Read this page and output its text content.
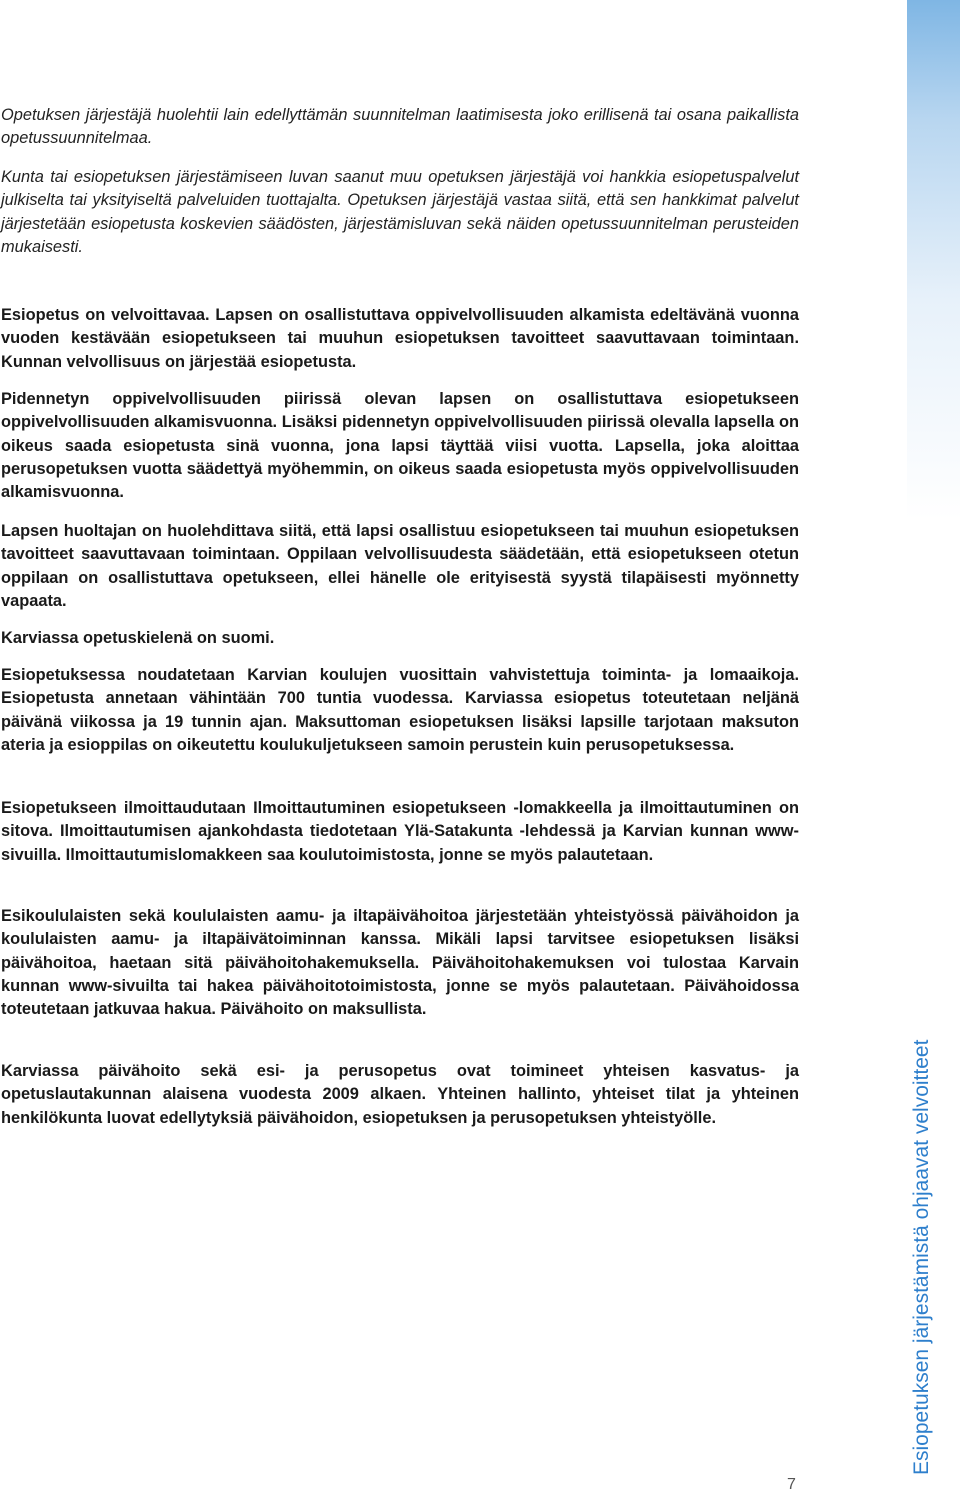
Opetuksen järjestäjä huolehtii lain edellyttämän suunnitelman laatimisesta joko erillisenä tai osana paikallista opetussuunnitelmaa.

Kunta tai esiopetuksen järjestämiseen luvan saanut muu opetuksen järjestäjä voi hankkia esiopetuspalvelut julkiselta tai yksityiseltä palveluiden tuottajalta. Opetuksen järjestäjä vastaa siitä, että sen hankkimat palvelut järjestetään esiopetusta koskevien säädösten, järjestämisluvan sekä näiden opetussuunnitelman perusteiden mukaisesti.

Esiopetus on velvoittavaa. Lapsen on osallistuttava oppivelvollisuuden alkamista edeltävänä vuonna vuoden kestävään esiopetukseen tai muuhun esiopetuksen tavoitteet saavuttavaan toimintaan. Kunnan velvollisuus on järjestää esiopetusta.

Pidennetyn oppivelvollisuuden piirissä olevan lapsen on osallistuttava esiopetukseen oppivelvollisuuden alkamisvuonna. Lisäksi pidennetyn oppivelvollisuuden piirissä olevalla lapsella on oikeus saada esiopetusta sinä vuonna, jona lapsi täyttää viisi vuotta. Lapsella, joka aloittaa perusopetuksen vuotta säädettyä myöhemmin, on oikeus saada esiopetusta myös oppivelvollisuuden alkamisvuonna.

Lapsen huoltajan on huolehdittava siitä, että lapsi osallistuu esiopetukseen tai muuhun esiopetuksen tavoitteet saavuttavaan toimintaan. Oppilaan velvollisuudesta säädetään, että esiopetukseen otetun oppilaan on osallistuttava opetukseen, ellei hänelle ole erityisestä syystä tilapäisesti myönnetty vapaata.

Karviassa opetuskielenä on suomi.

Esiopetuksessa noudatetaan Karvian koulujen vuosittain vahvistettuja toiminta- ja lomaaikoja. Esiopetusta annetaan vähintään 700 tuntia vuodessa. Karviassa esiopetus toteutetaan neljänä päivänä viikossa ja 19 tunnin ajan. Maksuttoman esiopetuksen lisäksi lapsille tarjotaan maksuton ateria ja esioppilas on oikeutettu koulukuljetukseen samoin perustein kuin perusopetuksessa.

Esiopetukseen ilmoittaudutaan Ilmoittautuminen esiopetukseen -lomakkeella ja ilmoittautuminen on sitova. Ilmoittautumisen ajankohdasta tiedotetaan Ylä-Satakunta -lehdessä ja Karvian kunnan www-sivuilla. Ilmoittautumislomakkeen saa koulutoimistosta, jonne se myös palautetaan.

Esikoululaisten sekä koululaisten aamu- ja iltapäivähoitoa järjestetään yhteistyössä päivähoidon ja koululaisten aamu- ja iltapäivätoiminnan kanssa. Mikäli lapsi tarvitsee esiopetuksen lisäksi päivähoitoa, haetaan sitä päivähoitohakemuksella. Päivähoitohakemuksen voi tulostaa Karvain kunnan www-sivuilta tai hakea päivähoitotoimistosta, jonne se myös palautetaan. Päivähoidossa toteutetaan jatkuvaa hakua. Päivähoito on maksullista.

Karviassa päivähoito sekä esi- ja perusopetus ovat toimineet yhteisen kasvatus- ja opetuslautakunnan alaisena vuodesta 2009 alkaen. Yhteinen hallinto, yhteiset tilat ja yhteinen henkilökunta luovat edellytyksiä päivähoidon, esiopetuksen ja perusopetuksen yhteistyölle.

7
Esiopetuksen järjestämistä ohjaavat velvoitteet
